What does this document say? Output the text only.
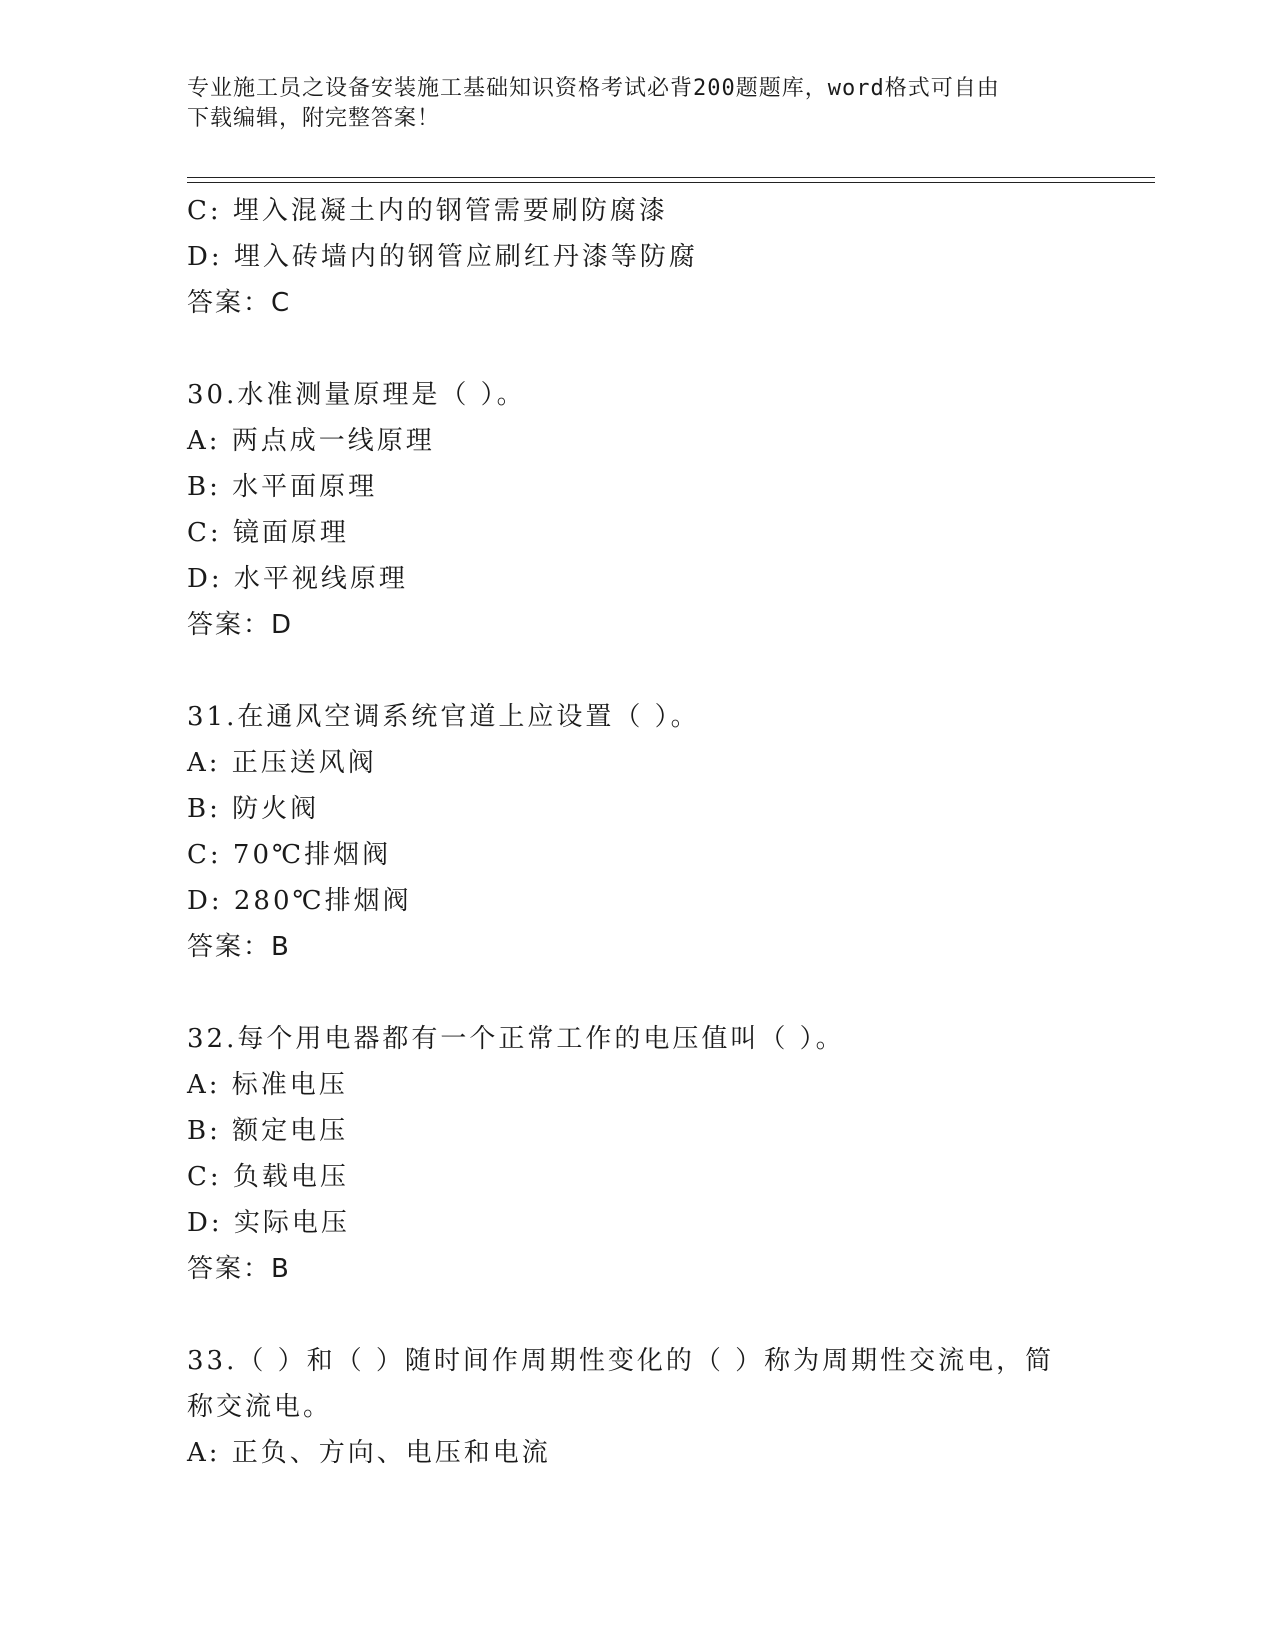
专业施工员之设备安装施工基础知识资格考试必背200题题库，word格式可自由
下载编辑，附完整答案！
C: 埋入混凝土内的钢管需要刷防腐漆
D: 埋入砖墙内的钢管应刷红丹漆等防腐
答案：C
30.水准测量原理是（ ）。
A: 两点成一线原理
B: 水平面原理
C: 镜面原理
D: 水平视线原理
答案：D
31.在通风空调系统官道上应设置（ ）。
A: 正压送风阀
B: 防火阀
C: 70℃排烟阀
D: 280℃排烟阀
答案：B
32.每个用电器都有一个正常工作的电压值叫（ ）。
A: 标准电压
B: 额定电压
C: 负载电压
D: 实际电压
答案：B
33.（ ）和（ ）随时间作周期性变化的（ ）称为周期性交流电，简
称交流电。
A: 正负、方向、电压和电流
